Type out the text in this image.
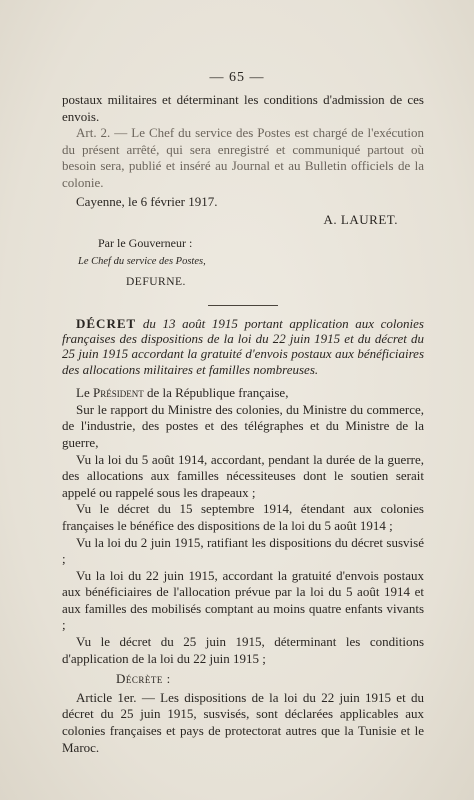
— 65 —

postaux militaires et déterminant les conditions d'admission de ces envois.

Art. 2. — Le Chef du service des Postes est chargé de l'exécution du présent arrêté, qui sera enregistré et communiqué partout où besoin sera, publié et inséré au Journal et au Bulletin officiels de la colonie.

Cayenne, le 6 février 1917.

A. LAURET.

Par le Gouverneur :

Le Chef du service des Postes,

DEFURNE.

DÉCRET du 13 août 1915 portant application aux colonies françaises des dispositions de la loi du 22 juin 1915 et du décret du 25 juin 1915 accordant la gratuité d'envois postaux aux bénéficiaires des allocations militaires et familles nombreuses.

Le Président de la République française,

Sur le rapport du Ministre des colonies, du Ministre du commerce, de l'industrie, des postes et des télégraphes et du Ministre de la guerre,

Vu la loi du 5 août 1914, accordant, pendant la durée de la guerre, des allocations aux familles nécessiteuses dont le soutien serait appelé ou rappelé sous les drapeaux ;

Vu le décret du 15 septembre 1914, étendant aux colonies françaises le bénéfice des dispositions de la loi du 5 août 1914 ;

Vu la loi du 2 juin 1915, ratifiant les dispositions du décret susvisé ;

Vu la loi du 22 juin 1915, accordant la gratuité d'envois postaux aux bénéficiaires de l'allocation prévue par la loi du 5 août 1914 et aux familles des mobilisés comptant au moins quatre enfants vivants ;

Vu le décret du 25 juin 1915, déterminant les conditions d'application de la loi du 22 juin 1915 ;

Décrète :

Article 1er. — Les dispositions de la loi du 22 juin 1915 et du décret du 25 juin 1915, susvisés, sont déclarées applicables aux colonies françaises et pays de protectorat autres que la Tunisie et le Maroc.
